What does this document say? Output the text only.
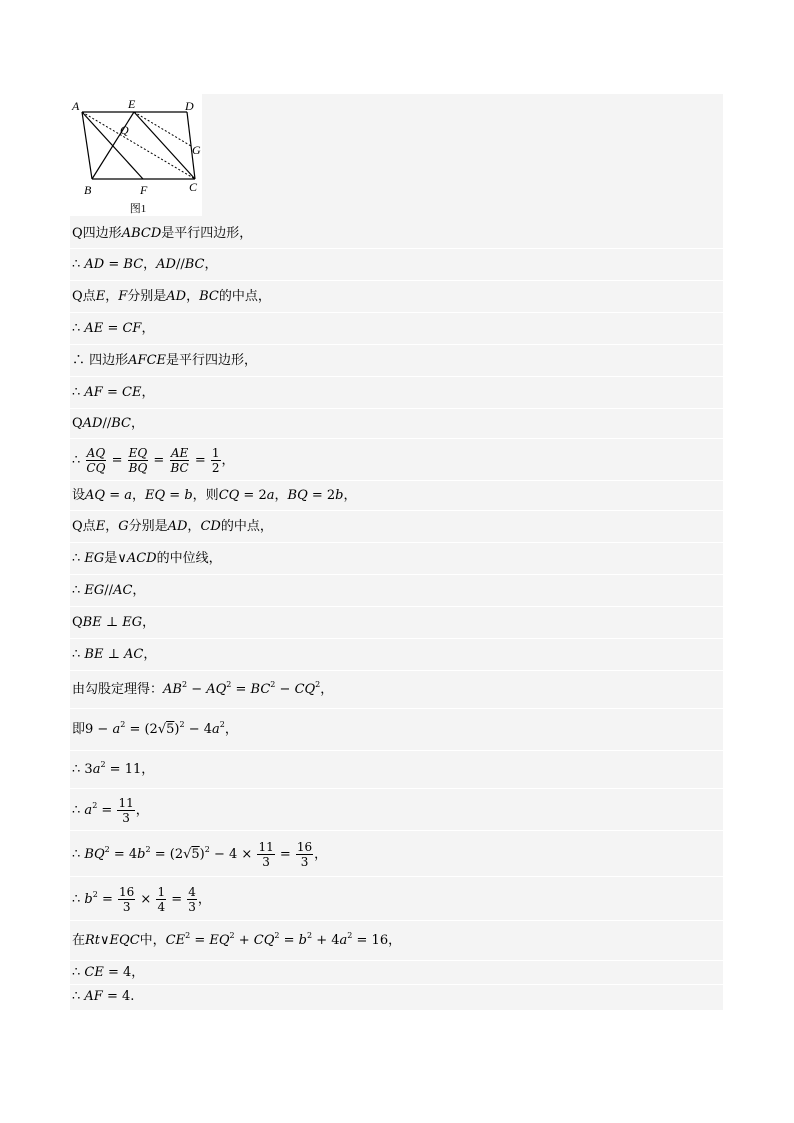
A	E	D
Q
G
B	F	C
图1
Q四边形ABCD是平行四边形，
∴ AD = BC，AD//BC，
Q点E，F分别是AD，BC的中点，
∴ AE = CF，
∴ 四边形AFCE是平行四边形，
∴ AF = CE，
QAD//BC，
∴ $\frac{AQ}{CQ} = \frac{EQ}{BQ} = \frac{AE}{BC} = \frac{1}{2}$ ，
设AQ = a，EQ = b，则CQ = 2a，BQ = 2b，
Q点E，G分别是AD，CD的中点，
∴ EG是∨ACD的中位线，
∴ EG//AC，
QBE ⊥ EG，
∴ BE ⊥ AC，
由勾股定理得：$AB^2 - AQ^2 = BC^2 - CQ^2$，
即$9 - a^2 = (2√5)^2 - 4a^2$，
∴ $3a^2 = 11$，
∴ $a^2 = \frac{11}{3}$ ，
∴ $BQ^2 = 4b^2 = (2√5)^2 - 4 \times \frac{11}{3} = \frac{16}{3}$ ，
∴ $b^2 = \frac{16}{3} \times \frac{1}{4} = \frac{4}{3}$ ，
在Rt∨EQC中，$CE^2 = EQ^2 + CQ^2 = b^2 + 4a^2 = 16$，
∴ CE = 4，
∴ AF = 4.
